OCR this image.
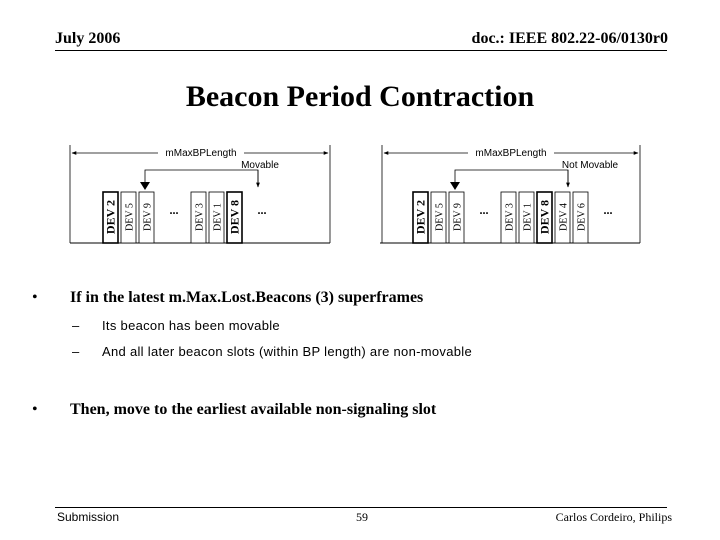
July 2006	doc.: IEEE 802.22-06/0130r0
Beacon Period Contraction
mMaxBPLength
Movable
DEV 2 DEV 5 DEV 9 ... DEV 3 DEV 1 DEV 8 ...
mMaxBPLength
Not Movable
DEV 2 DEV 5 DEV 9 ... DEV 3 DEV 1 DEV 8 DEV 4 DEV 6 ...
• If in the latest m.Max.Lost.Beacons (3) superframes
– Its beacon has been movable
– And all later beacon slots (within BP length) are non-movable
• Then, move to the earliest available non-signaling slot
Submission	59	Carlos Cordeiro, Philips
